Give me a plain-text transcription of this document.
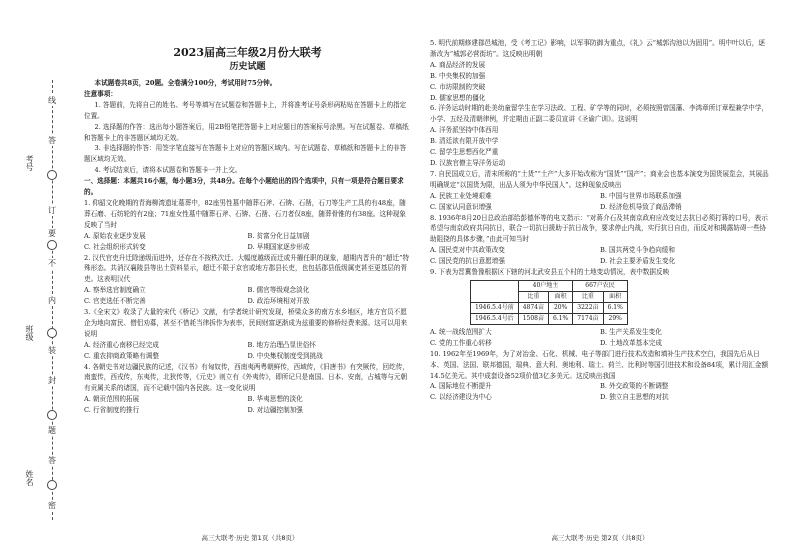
考号
班级
姓名
线
答
订
要
不
内
装
封
题
答
密
2023届高三年级2月份大联考
历史试题

本试题卷共8页，20题。全卷满分100分，考试用时75分钟。

注意事项：

1. 答题前，先将自己的姓名、考号等填写在试题卷和答题卡上，并将准考证号条形码粘贴在答题卡上的指定位置。

2. 选择题的作答：选出每小题答案后，用2B铅笔把答题卡上对应题目的答案标号涂黑。写在试题卷、草稿纸和答题卡上的非答题区域均无效。

3. 非选择题的作答：用签字笔直接写在答题卡上对应的答题区域内。写在试题卷、草稿纸和答题卡上的非答题区域均无效。

4. 考试结束后，请将本试题卷和答题卡一并上交。

一、选择题：本题共16小题，每小题3分，共48分。在每个小题给出的四个选项中，只有一项是符合题目要求的。

1. 仰韶文化晚期的青海柳湾遗址墓葬中，82座男性墓中随葬石斧、石锛、石凿，石刀等生产工具的有48座，随葬石磨、石纺轮的有2座；71座女性墓中随葬石斧、石锛、石凿、石刀者仅8座，随葬骨锥的有38座。这种现象反映了当时

A. 原始农业逐步发展	B. 贫富分化日益加剧
C. 社会组织形式转变	D. 早期国家逐步形成

2. 汉代官吏升迁除递级而进外，还存在不按秩次迁、大幅度越级而迁或升擢任职的现象，超期内晋升的“超迁”特殊形态。共消汉襄陵县等出土资料显示，超迁不限于京官或地方郡县长吏，也包括郡县低级属吏甚至更基层的胥吏。这表明汉代

A. 察举选官制度确立	B. 儒官等级观念淡化
C. 官吏选任不断完善	D. 政治环境相对开放

3.《全宋文》收录了大量的宋代《桥记》文献，有学者统计研究发现，桥梁众多的南方水乡地区，地方官员不愿企为地向富民、僧侣劝募，甚至不惜耗当律拆作为表率，民间财富逐渐成为兹重要的修桥经费来源。这可以用来说明

A. 经济重心南移已经完成	B. 地方治理凸显世俗怀
C. 重农抑商政策略有调整	D. 中央集权制度受到挑战

4. 各朝史书对边疆民族的记述，《汉书》有匈奴传，西南夷两粤朝鲜传，西域传，《旧唐书》有突厥传，回纥传，南蛮传，西戎传，东夷传，北狄传等，《元史》则立有《外夷传》，即所记只是南国、日本、安南，占城等与元朝有贡属关系的诸国，而不记载中国内各民族。这一变化说明

A. 朝贡范围的拓展	B. 华夷思想的淡化
C. 行省制度的推行	D. 对边疆控制加强

5. 明代前期修建郡邑城池，受《考工记》影响，以军事防御为重点，《礼》云“城郭沟池以为固用”。明中叶以后，逐渐改为“城郭必营街坊”。这反映出明朝

A. 商品经济的发展
B. 中央集权的加强
C. 市坊限制的突破
D. 儒家思想的僵化

6. 洋务运动时期的赴美幼童留学生在学习法政、工程、矿学等的同时，必须按照曾国藩、李鸿章所订章程兼学中学，小学、五经及清朝律例，并定期由正副二委员宣讲《圣谕广训》。这说明

A. 洋务派坚持中体西用
B. 清廷欲有限开放中学
C. 留学生思想西化严重
D. 汉族官僚主导洋务运动

7. 自民国成立后，清末所称的“土货”“土产”大多开始改称为“国货”“国产”；商业会也基本演变为国货展览会，其展品明确规定“以国货为限，出品人须为中华民国人”。这种现象反映出

A. 民族工业处境艰难	B. 中国与世界市场联系加强
C. 国家认同意识增强	D. 经济危机导致了商品滞销

8. 1936年8月20日总政治部给彭德怀等的电文指示：“对蒋介石及其南京政府应改变过去抗日必须打蒋的口号，表示希望与南京政府共同抗日，联合一切抗日援助于抗日战争，要求停止内战，实行抗日自由，而反对和揭露妨碍一些协助阻挠的具体步骤，”由此可知当时

A. 国民党对中共政策改变	B. 国共两党斗争趋向缓和
C. 国民党的抗日意愿增强	D. 社会主要矛盾发生变化

9. 下表为晋冀鲁豫根据区下辖的河北武安县五个村的土地变动情况，表中数据反映

	40户地主		667户农民	
	比重	面积	比重	面积
1946.5.4号前	4874亩	20%	3222亩	6.1%
1946.5.4号后	1508亩	6.1%	7174亩	29%
A. 统一战线范围扩大	B. 生产关系发生变化
C. 党的工作重心转移	D. 土地改革基本完成

10. 1962年至1969年，为了对冶金、石化、机械、电子等部门进行技术改造和填补生产技术空白，我国先后从日本、英国、法国、联邦德国，瑞典、意大利、奥地利、瑞士、荷兰、比利时等国引进技术和设备84项，累计用汇金额14.5亿美元。其中成套设备52项价值3亿多美元。这反映出我国

A. 国际地位不断提升	B. 外交政策的不断调整
C. 以经济建设为中心	D. 独立自主思想的对抗
高三大联考·历史 第1页（共8页）	高三大联考·历史 第2页（共8页）
